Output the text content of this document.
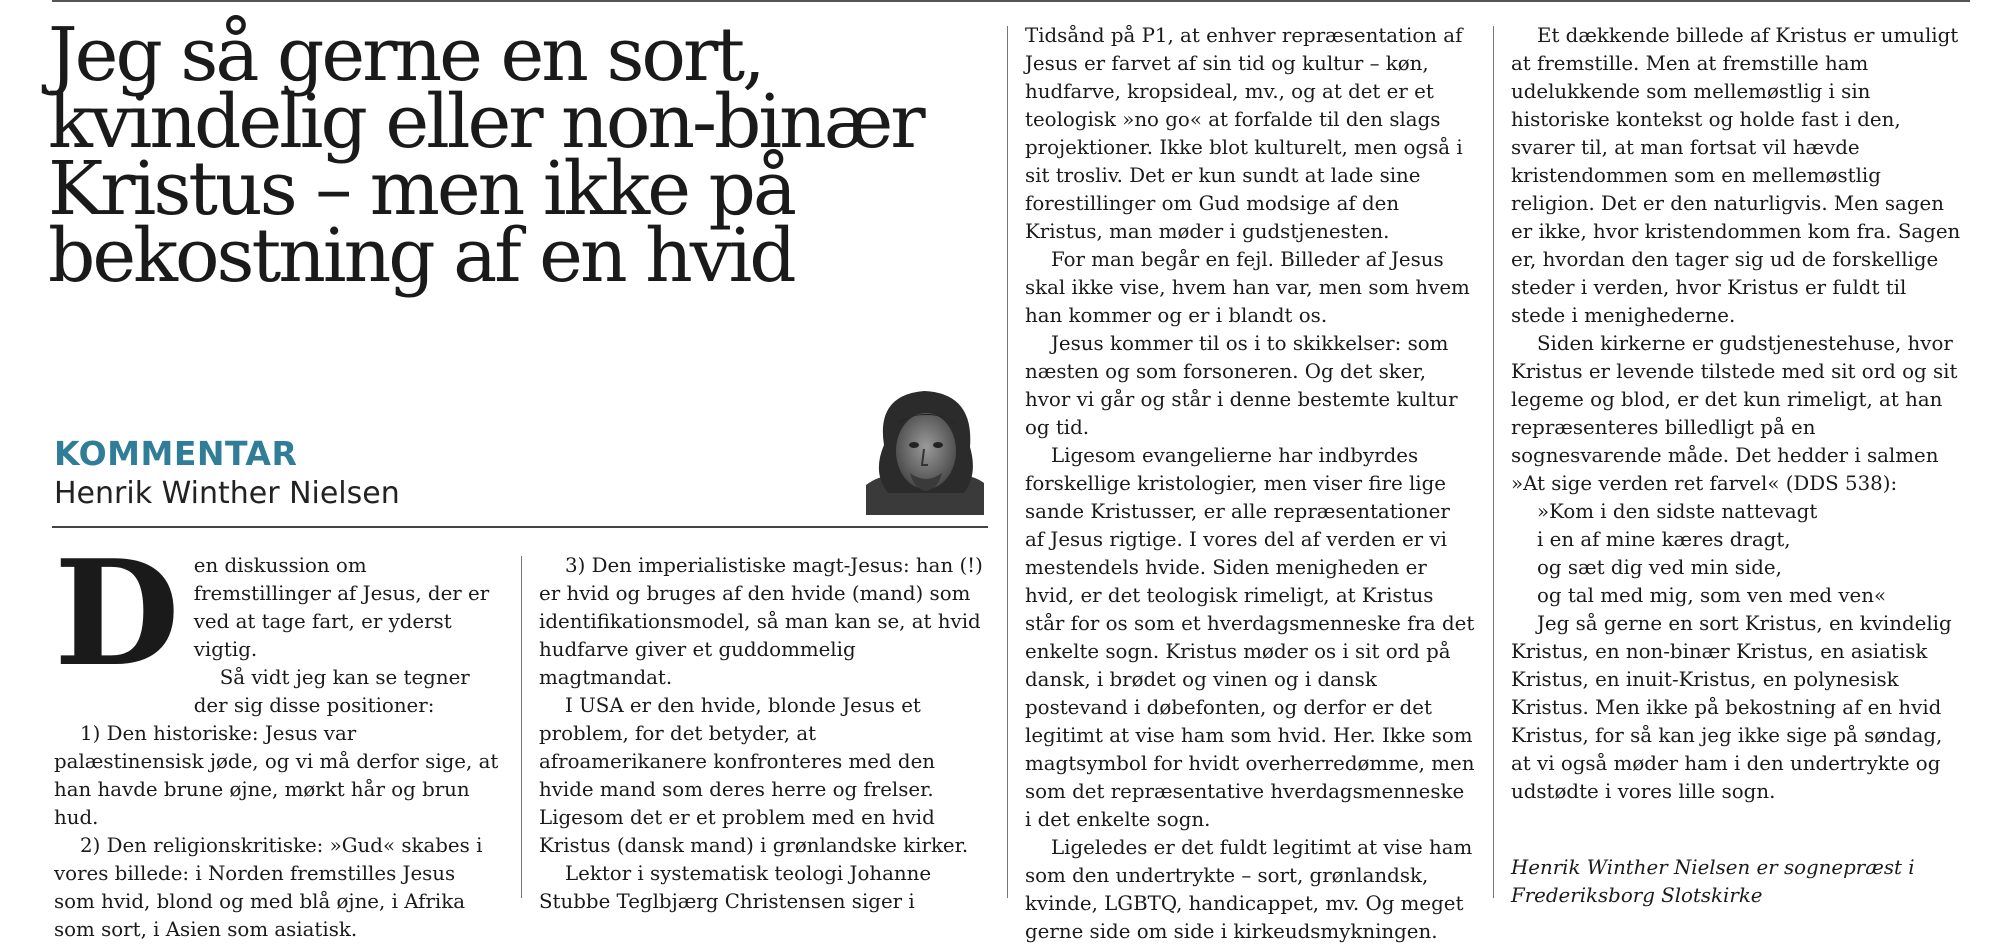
Jeg så gerne en sort, kvindelig eller non-binær Kristus – men ikke på bekostning af en hvid
KOMMENTAR
Henrik Winther Nielsen
D en diskussion om fremstillinger af Jesus, der er ved at tage fart, er yderst vigtig.

Så vidt jeg kan se tegner der sig disse positioner:

1) Den historiske: Jesus var palæstinensisk jøde, og vi må derfor sige, at han havde brune øjne, mørkt hår og brun hud.

2) Den religionskritiske: »Gud« skabes i vores billede: i Norden fremstilles Jesus som hvid, blond og med blå øjne, i Afrika som sort, i Asien som asiatisk.

3) Den imperialistiske magt-Jesus: han (!) er hvid og bruges af den hvide (mand) som identifikationsmodel, så man kan se, at hvid hudfarve giver et guddommelig magtmandat.

I USA er den hvide, blonde Jesus et problem, for det betyder, at afroamerikanere konfronteres med den hvide mand som deres herre og frelser. Ligesom det er et problem med en hvid Kristus (dansk mand) i grønlandske kirker.

Lektor i systematisk teologi Johanne Stubbe Teglbjærg Christensen siger i

Tidsånd på P1, at enhver repræsentation af Jesus er farvet af sin tid og kultur – køn, hudfarve, kropsideal, mv., og at det er et teologisk »no go« at forfalde til den slags projektioner. Ikke blot kulturelt, men også i sit trosliv. Det er kun sundt at lade sine forestillinger om Gud modsige af den Kristus, man møder i gudstjenesten.

For man begår en fejl. Billeder af Jesus skal ikke vise, hvem han var, men som hvem han kommer og er i blandt os.

Jesus kommer til os i to skikkelser: som næsten og som forsoneren. Og det sker, hvor vi går og står i denne bestemte kultur og tid.

Ligesom evangelierne har indbyrdes forskellige kristologier, men viser fire lige sande Kristusser, er alle repræsentationer af Jesus rigtige. I vores del af verden er vi mestendels hvide. Siden menigheden er hvid, er det teologisk rimeligt, at Kristus står for os som et hverdagsmenneske fra det enkelte sogn. Kristus møder os i sit ord på dansk, i brødet og vinen og i dansk postevand i døbefonten, og derfor er det legitimt at vise ham som hvid. Her. Ikke som magtsymbol for hvidt overherredømme, men som det repræsentative hverdagsmenneske i det enkelte sogn.

Ligeledes er det fuldt legitimt at vise ham som den undertrykte – sort, grønlandsk, kvinde, LGBTQ, handicappet, mv. Og meget gerne side om side i kirkeudsmykningen.

Et dækkende billede af Kristus er umuligt at fremstille. Men at fremstille ham udelukkende som mellemøstlig i sin historiske kontekst og holde fast i den, svarer til, at man fortsat vil hævde kristendommen som en mellemøstlig religion. Det er den naturligvis. Men sagen er ikke, hvor kristendommen kom fra. Sagen er, hvordan den tager sig ud de forskellige steder i verden, hvor Kristus er fuldt til stede i menighederne.

Siden kirkerne er gudstjenestehuse, hvor Kristus er levende tilstede med sit ord og sit legeme og blod, er det kun rimeligt, at han repræsenteres billedligt på en sognesvarende måde. Det hedder i salmen »At sige verden ret farvel« (DDS 538):

»Kom i den sidste nattevagt

i en af mine kæres dragt,

og sæt dig ved min side,

og tal med mig, som ven med ven«

Jeg så gerne en sort Kristus, en kvindelig Kristus, en non-binær Kristus, en asiatisk Kristus, en inuit-Kristus, en polynesisk Kristus. Men ikke på bekostning af en hvid Kristus, for så kan jeg ikke sige på søndag, at vi også møder ham i den undertrykte og udstødte i vores lille sogn.

Henrik Winther Nielsen er sognepræst i Frederiksborg Slotskirke
